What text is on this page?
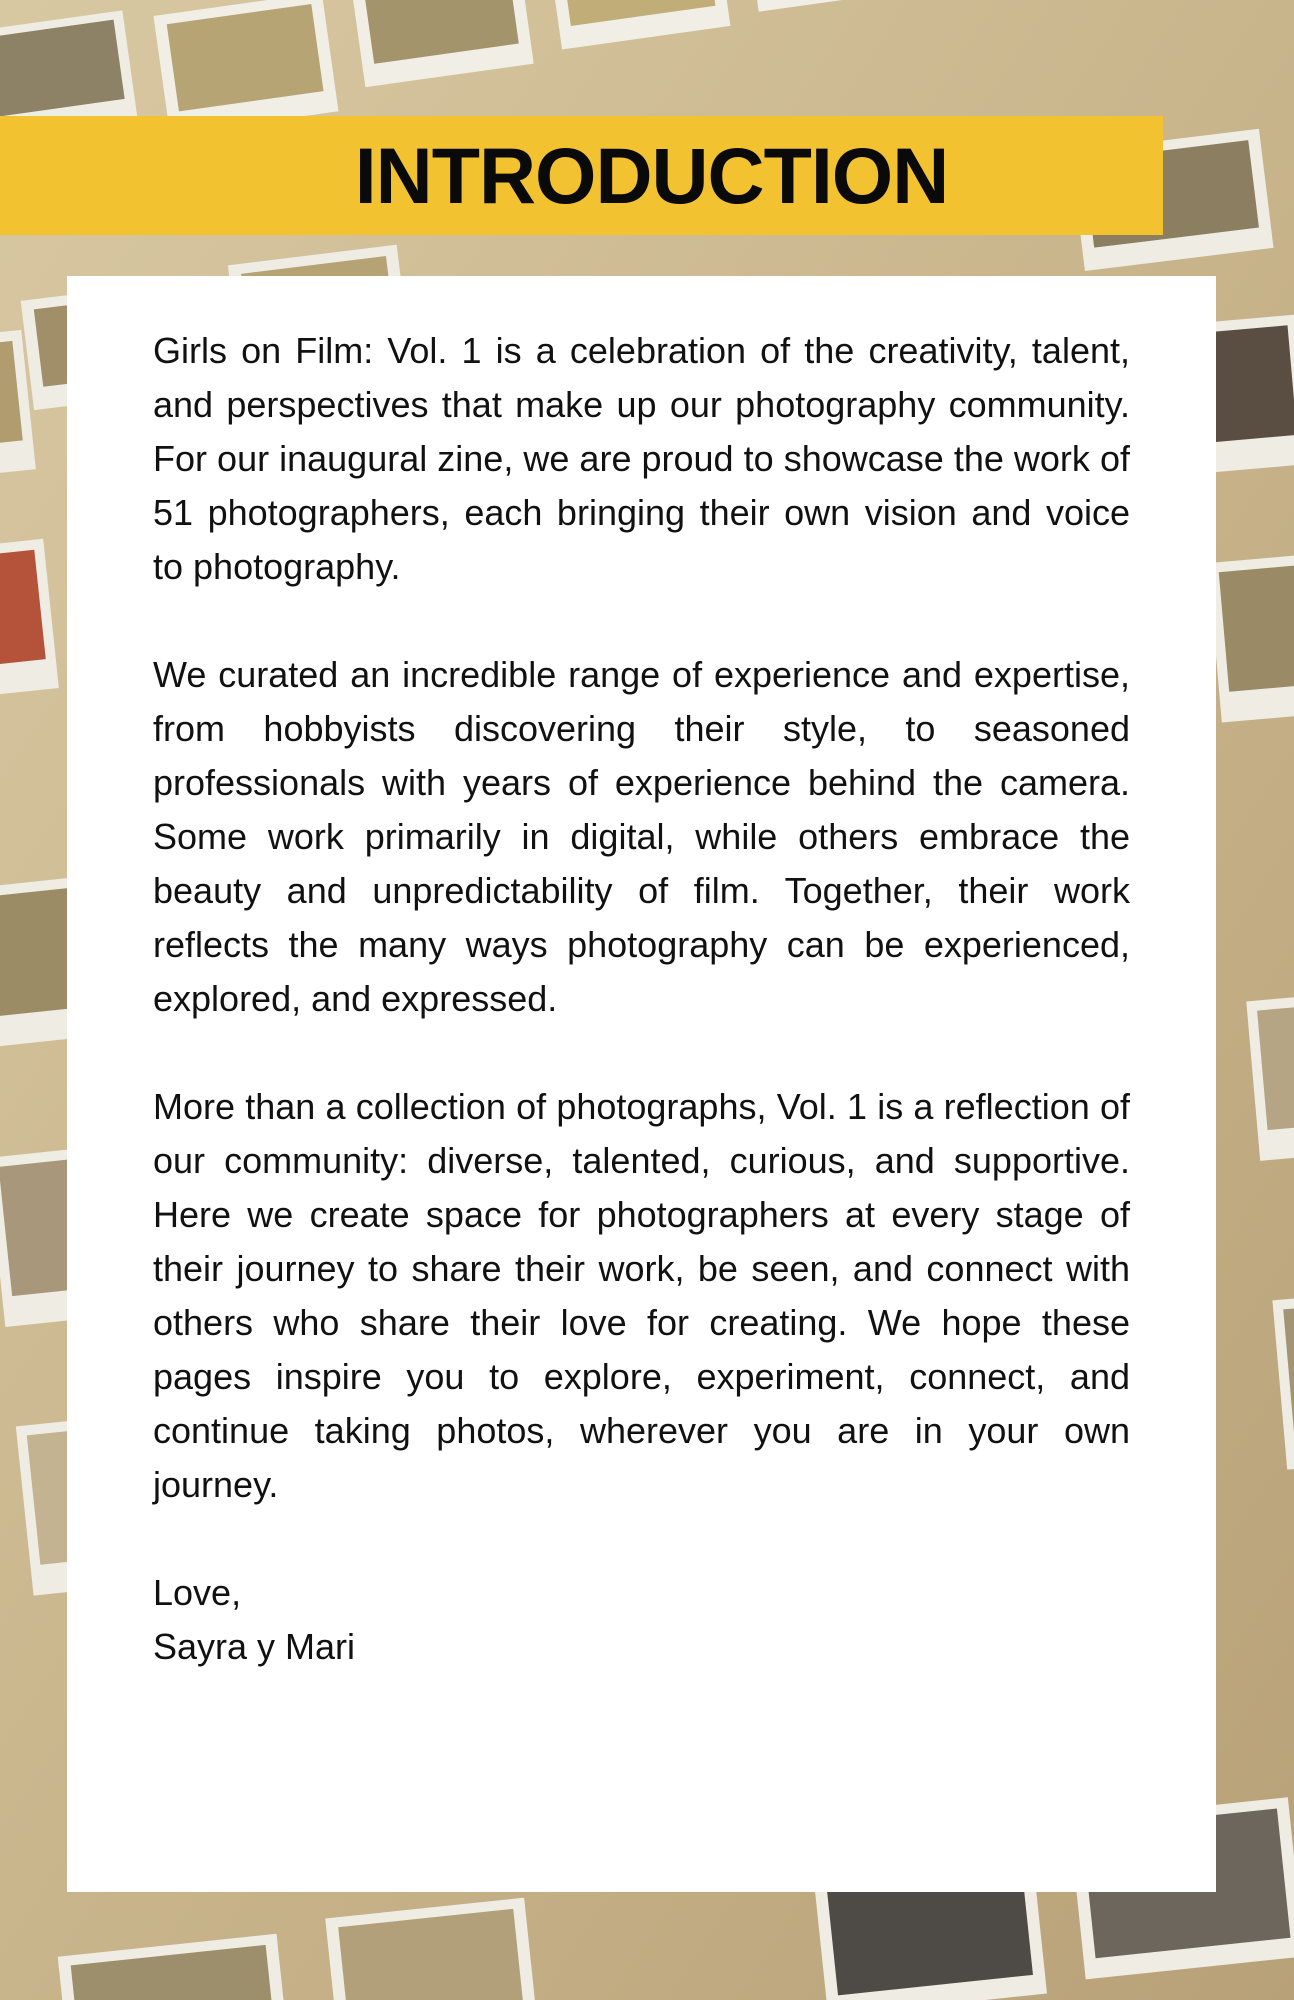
INTRODUCTION

Girls on Film: Vol. 1 is a celebration of the creativity, talent, and perspectives that make up our photography community. For our inaugural zine, we are proud to showcase the work of 51 photographers, each bringing their own vision and voice to photography.

We curated an incredible range of experience and expertise, from hobbyists discovering their style, to seasoned professionals with years of experience behind the camera. Some work primarily in digital, while others embrace the beauty and unpredictability of film. Together, their work reflects the many ways photography can be experienced, explored, and expressed.

More than a collection of photographs, Vol. 1 is a reflection of our community: diverse, talented, curious, and supportive. Here we create space for photographers at every stage of their journey to share their work, be seen, and connect with others who share their love for creating. We hope these pages inspire you to explore, experiment, connect, and continue taking photos, wherever you are in your own journey.

Love,
Sayra y Mari
